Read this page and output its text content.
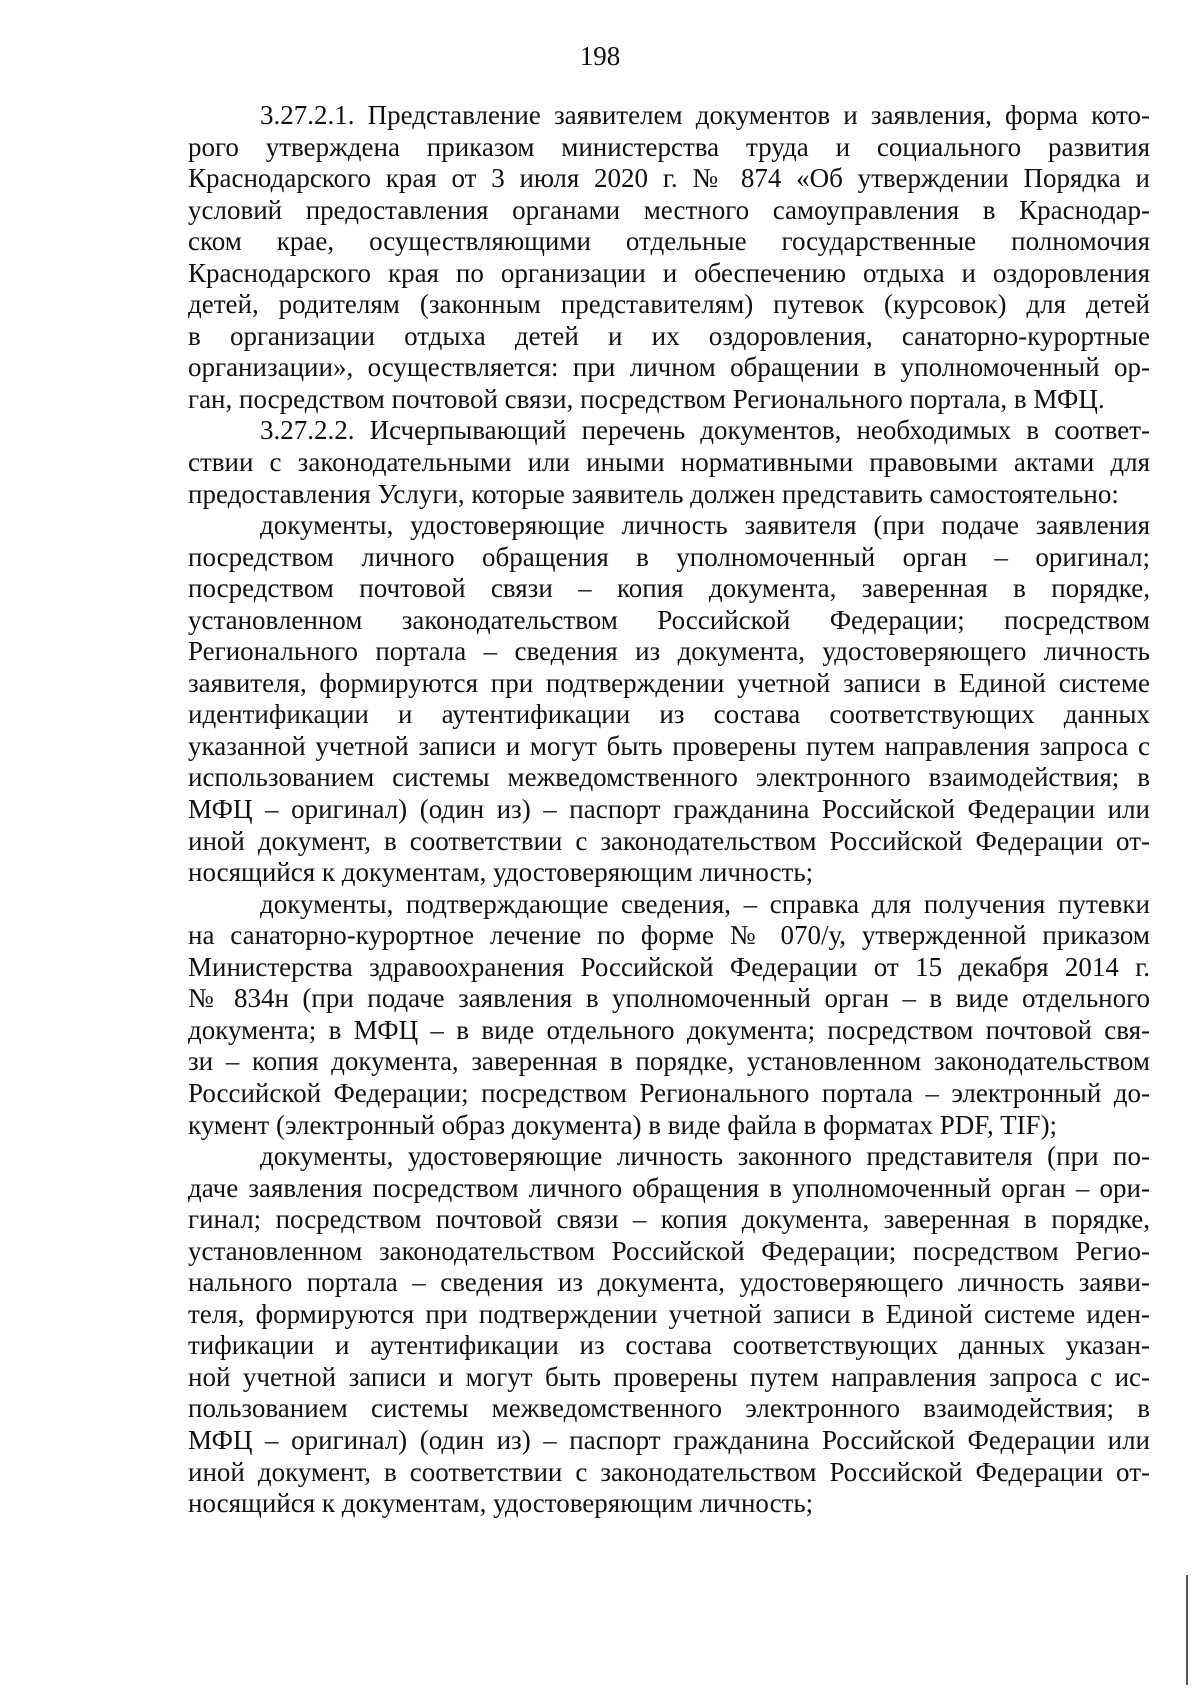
198
3.27.2.1. Представление заявителем документов и заявления, форма кото-
рого утверждена приказом министерства труда и социального развития
Краснодарского края от 3 июля 2020 г. № 874 «Об утверждении Порядка и
условий предоставления органами местного самоуправления в Краснодар-
ском крае, осуществляющими отдельные государственные полномочия
Краснодарского края по организации и обеспечению отдыха и оздоровления
детей, родителям (законным представителям) путевок (курсовок) для детей
в организации отдыха детей и их оздоровления, санаторно-курортные
организации», осуществляется: при личном обращении в уполномоченный ор-
ган, посредством почтовой связи, посредством Регионального портала, в МФЦ.
3.27.2.2. Исчерпывающий перечень документов, необходимых в соответ-
ствии с законодательными или иными нормативными правовыми актами для
предоставления Услуги, которые заявитель должен представить самостоятельно:
документы, удостоверяющие личность заявителя (при подаче заявления
посредством личного обращения в уполномоченный орган – оригинал;
посредством почтовой связи – копия документа, заверенная в порядке,
установленном законодательством Российской Федерации; посредством
Регионального портала – сведения из документа, удостоверяющего личность
заявителя, формируются при подтверждении учетной записи в Единой системе
идентификации и аутентификации из состава соответствующих данных
указанной учетной записи и могут быть проверены путем направления запроса с
использованием системы межведомственного электронного взаимодействия; в
МФЦ – оригинал) (один из) – паспорт гражданина Российской Федерации или
иной документ, в соответствии с законодательством Российской Федерации от-
носящийся к документам, удостоверяющим личность;
документы, подтверждающие сведения, – справка для получения путевки
на санаторно-курортное лечение по форме № 070/у, утвержденной приказом
Министерства здравоохранения Российской Федерации от 15 декабря 2014 г.
№ 834н (при подаче заявления в уполномоченный орган – в виде отдельного
документа; в МФЦ – в виде отдельного документа; посредством почтовой свя-
зи – копия документа, заверенная в порядке, установленном законодательством
Российской Федерации; посредством Регионального портала – электронный до-
кумент (электронный образ документа) в виде файла в форматах PDF, TIF);
документы, удостоверяющие личность законного представителя (при по-
даче заявления посредством личного обращения в уполномоченный орган – ори-
гинал; посредством почтовой связи – копия документа, заверенная в порядке,
установленном законодательством Российской Федерации; посредством Регио-
нального портала – сведения из документа, удостоверяющего личность заяви-
теля, формируются при подтверждении учетной записи в Единой системе иден-
тификации и аутентификации из состава соответствующих данных указан-
ной учетной записи и могут быть проверены путем направления запроса с ис-
пользованием системы межведомственного электронного взаимодействия; в
МФЦ – оригинал) (один из) – паспорт гражданина Российской Федерации или
иной документ, в соответствии с законодательством Российской Федерации от-
носящийся к документам, удостоверяющим личность;
